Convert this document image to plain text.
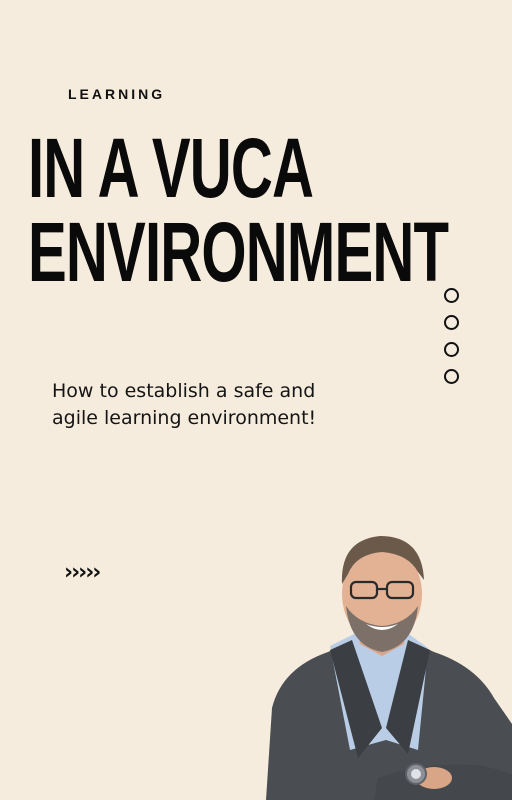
LEARNING
IN A VUCA
ENVIRONMENT

How to establish a safe and agile learning environment!

›››››
